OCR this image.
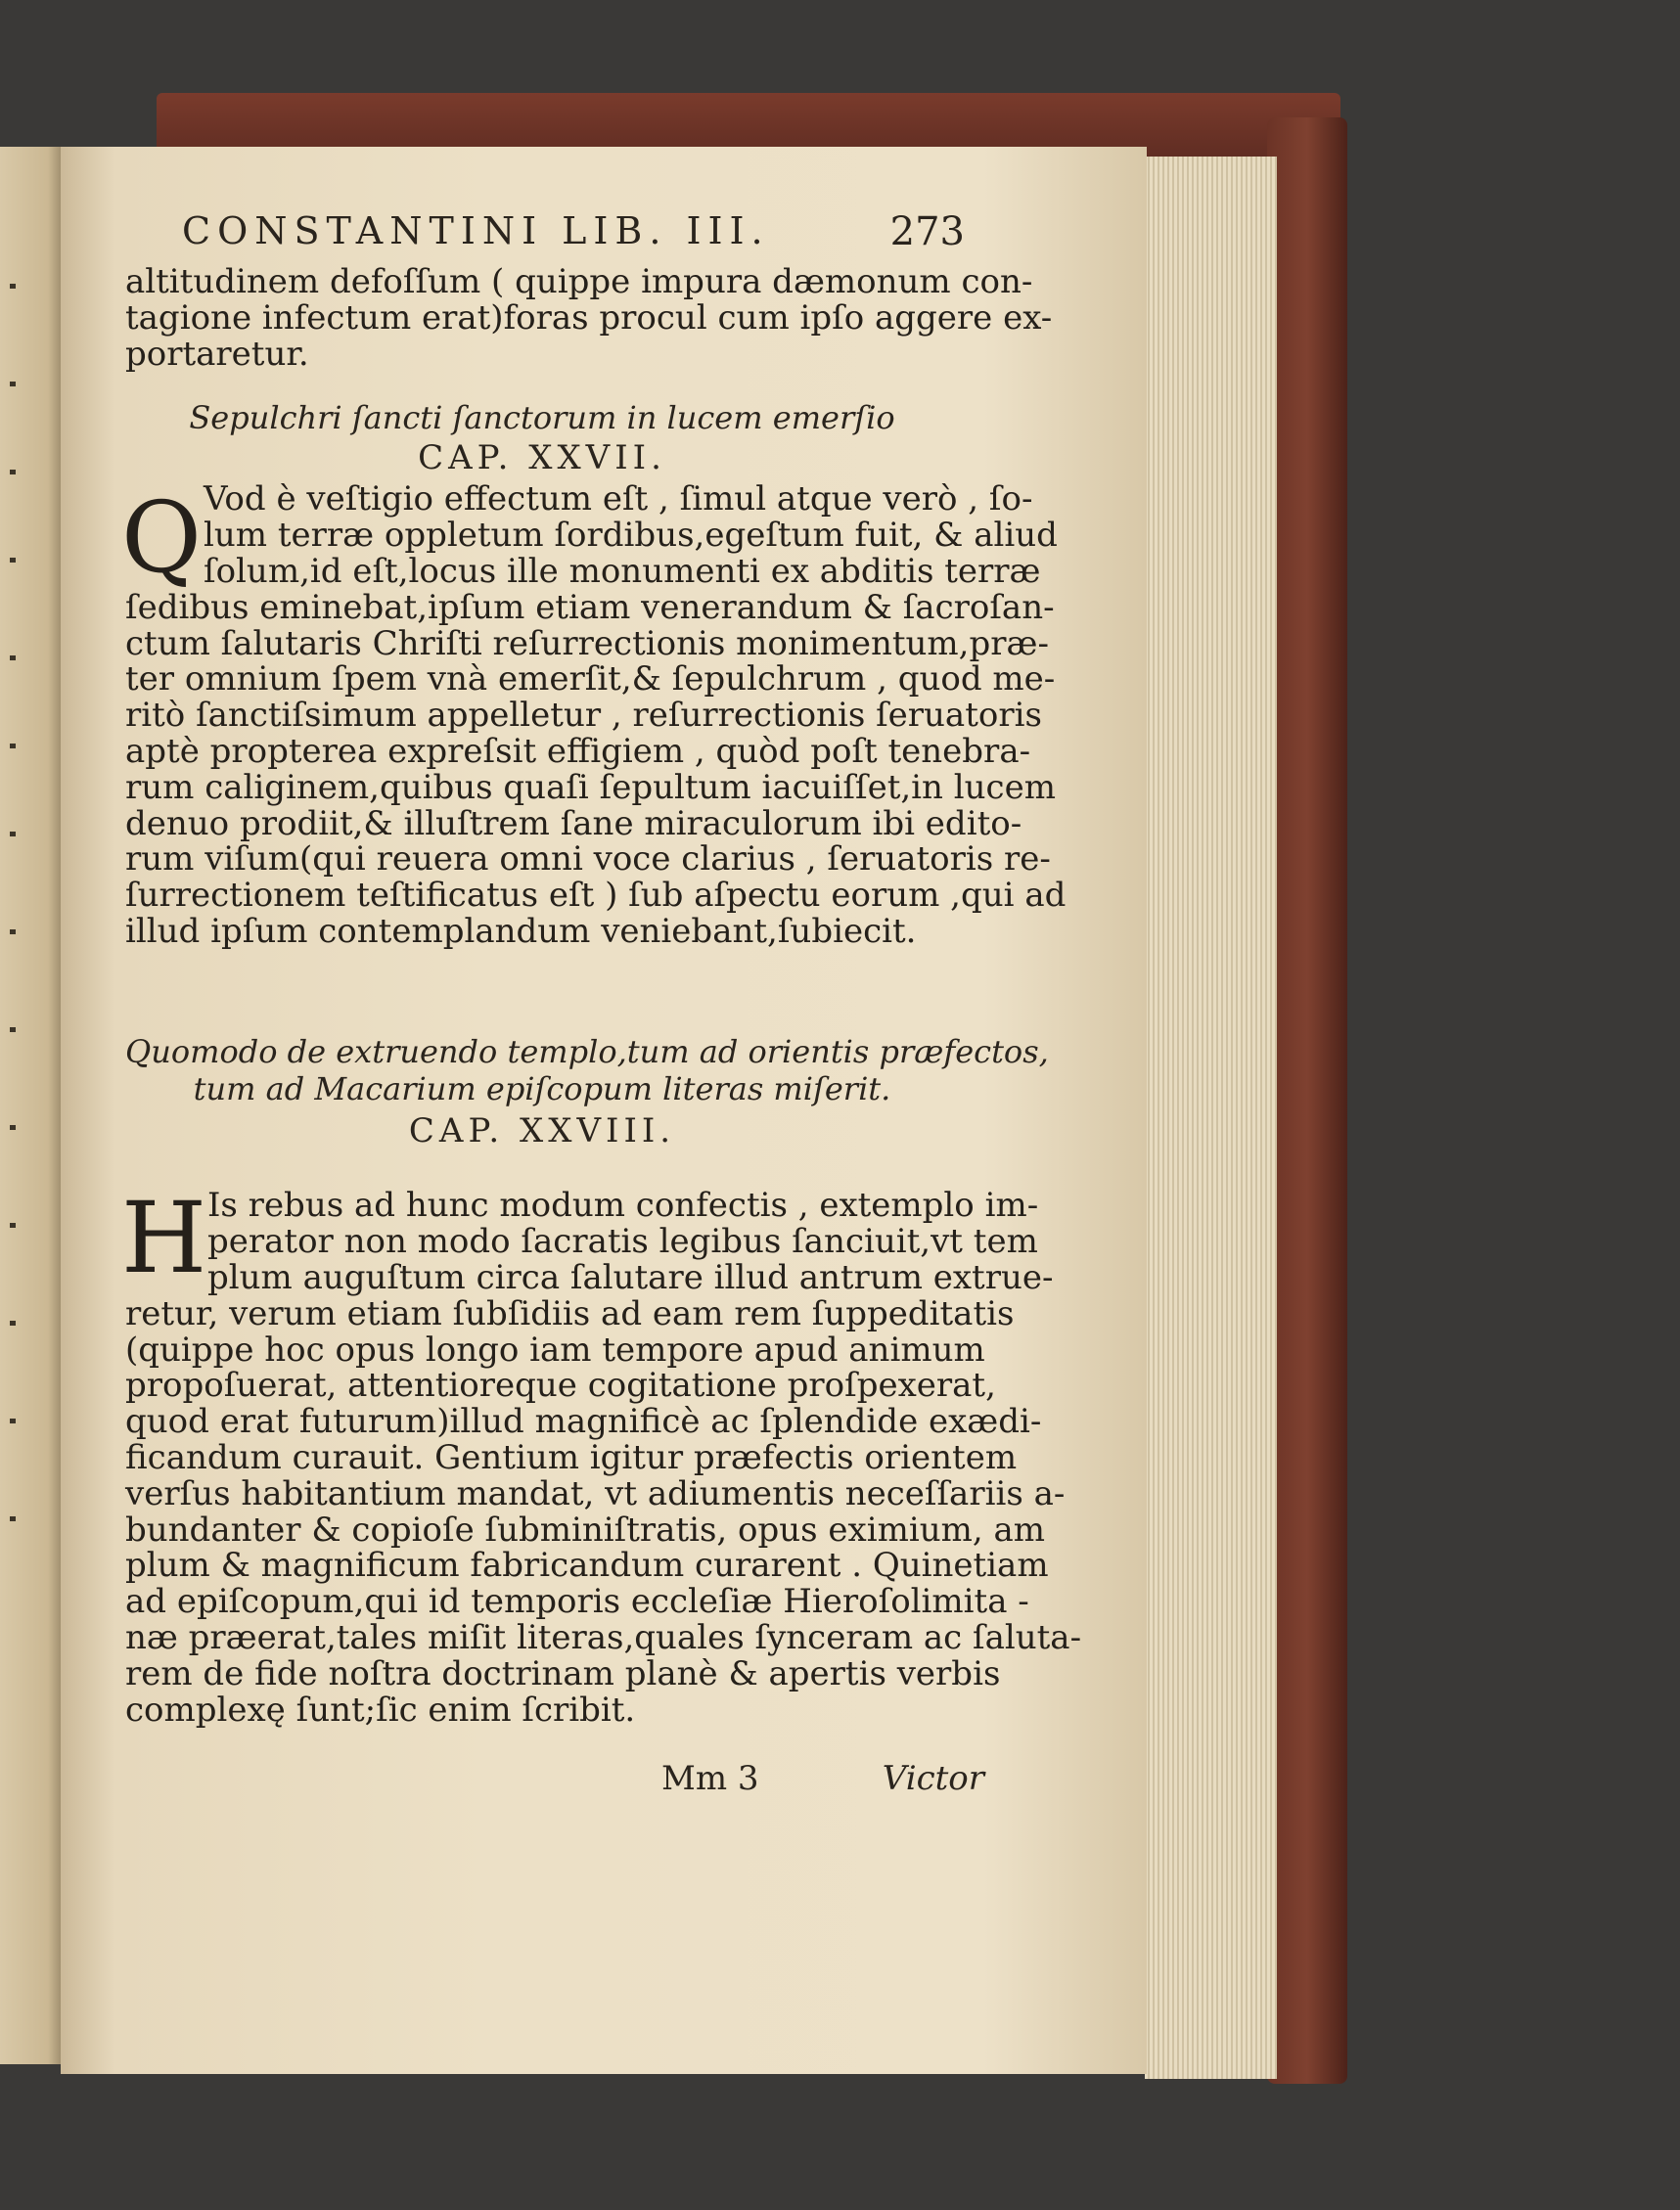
CONSTANTINI LIB. III.	273
altitudinem defoſſum ( quippe impura dæmonum con-
tagione infectum erat)foras procul cum ipſo aggere ex-
portaretur.
Sepulchri ſancti ſanctorum in lucem emerſio
CAP. XXVII.
Q Vod è veſtigio effectum eſt , ſimul atque verò , ſo-
lum terræ oppletum ſordibus,egeſtum fuit, & aliud
ſolum,id eſt,locus ille monumenti ex abditis terræ
ſedibus eminebat,ipſum etiam venerandum & ſacroſan-
ctum ſalutaris Chriſti reſurrectionis monimentum,præ-
ter omnium ſpem vnà emerſit,& ſepulchrum , quod me-
ritò ſanctiſsimum appelletur , reſurrectionis ſeruatoris
aptè propterea expreſsit effigiem , quòd poſt tenebra-
rum caliginem,quibus quaſi ſepultum iacuiſſet,in lucem
denuo prodiit,& illuſtrem ſane miraculorum ibi edito-
rum viſum(qui reuera omni voce clarius , ſeruatoris re-
ſurrectionem teſtificatus eſt ) ſub aſpectu eorum ,qui ad
illud ipſum contemplandum veniebant,ſubiecit.
Quomodo de extruendo templo,tum ad orientis præfectos,
tum ad Macarium epiſcopum literas miſerit.
CAP. XXVIII.
H Is rebus ad hunc modum confectis , extemplo im-
perator non modo ſacratis legibus ſanciuit,vt tem
plum auguſtum circa ſalutare illud antrum extrue-
retur, verum etiam ſubſidiis ad eam rem ſuppeditatis
(quippe hoc opus longo iam tempore apud animum
propoſuerat, attentioreque cogitatione proſpexerat,
quod erat futurum)illud magnificè ac ſplendide exædi-
ficandum curauit. Gentium igitur præfectis orientem
verſus habitantium mandat, vt adiumentis neceſſariis a-
bundanter & copioſe ſubminiſtratis, opus eximium, am
plum & magnificum fabricandum curarent . Quinetiam
ad epiſcopum,qui id temporis eccleſiæ Hieroſolimita -
næ præerat,tales miſit literas,quales ſynceram ac ſaluta-
rem de fide noſtra doctrinam planè & apertis verbis
complexę ſunt;ſic enim ſcribit.
Mm 3	Victor
